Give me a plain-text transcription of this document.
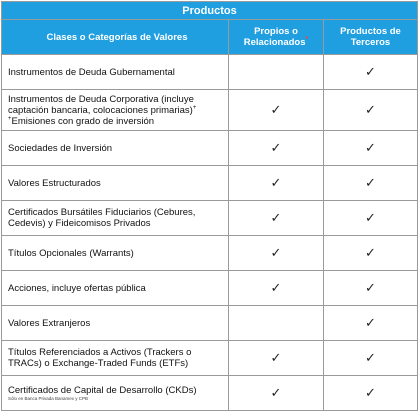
Productos		
Clases o Categorías de Valores	Propios o Relacionados*	Productos de Terceros
Instrumentos de Deuda Gubernamental		✓
Instrumentos de Deuda Corporativa (incluye captación bancaria, colocaciones primarias)+
+Emisiones con grado de inversión	✓	✓
Sociedades de Inversión	✓	✓
Valores Estructurados	✓	✓
Certificados Bursátiles Fiduciarios (Cebures, Cedevis) y Fideicomisos Privados	✓	✓
Títulos Opcionales (Warrants)	✓	✓
Acciones, incluye ofertas pública	✓	✓
Valores Extranjeros		✓
Títulos Referenciados a Activos (Trackers o TRACs) o Exchange-Traded Funds (ETFs)	✓	✓
Certificados de Capital de Desarrollo (CKDs)
Sólo en Banca Privada Banamex y CPB	✓	✓
